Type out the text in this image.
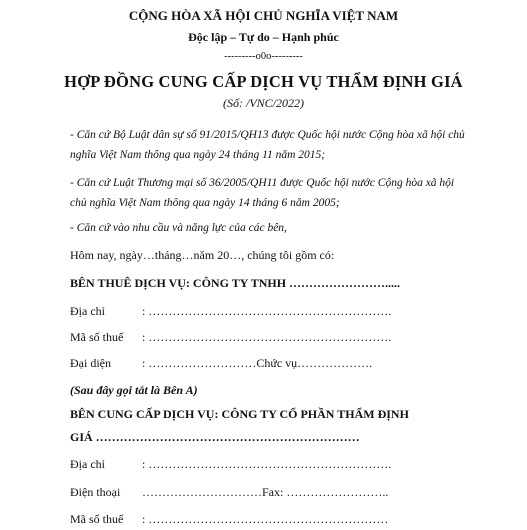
CỘNG HÒA XÃ HỘI CHỦ NGHĨA VIỆT NAM
Độc lập – Tự do – Hạnh phúc
---------o0o---------
HỢP ĐỒNG CUNG CẤP DỊCH VỤ THẨM ĐỊNH GIÁ
(Số: /VNC/2022)
- Căn cứ Bộ Luật dân sự số 91/2015/QH13 được Quốc hội nước Cộng hòa xã hội chủ nghĩa Việt Nam thông qua ngày 24 tháng 11 năm 2015;
- Căn cứ Luật Thương mại số 36/2005/QH11 được Quốc hội nước Cộng hòa xã hội chủ nghĩa Việt Nam thông qua ngày 14 tháng 6 năm 2005;
- Căn cứ vào nhu cầu và năng lực của các bên,
Hôm nay, ngày…tháng…năm 20…, chúng tôi gồm có:
BÊN THUÊ DỊCH VỤ: CÔNG TY TNHH …………………….....
Địa chỉ	: …………………………………………………….
Mã số thuế : …………………………………………………….
Đại diện	: ………………………Chức vụ……………….
(Sau đây gọi tắt là Bên A)
BÊN CUNG CẤP DỊCH VỤ: CÔNG TY CỔ PHẦN THẨM ĐỊNH
GIÁ …………………………………………………………
Địa chỉ	: …………………………………………………….
Điện thoại …………………………Fax: ……………………..
Mã số thuế : ……………………………………………………
